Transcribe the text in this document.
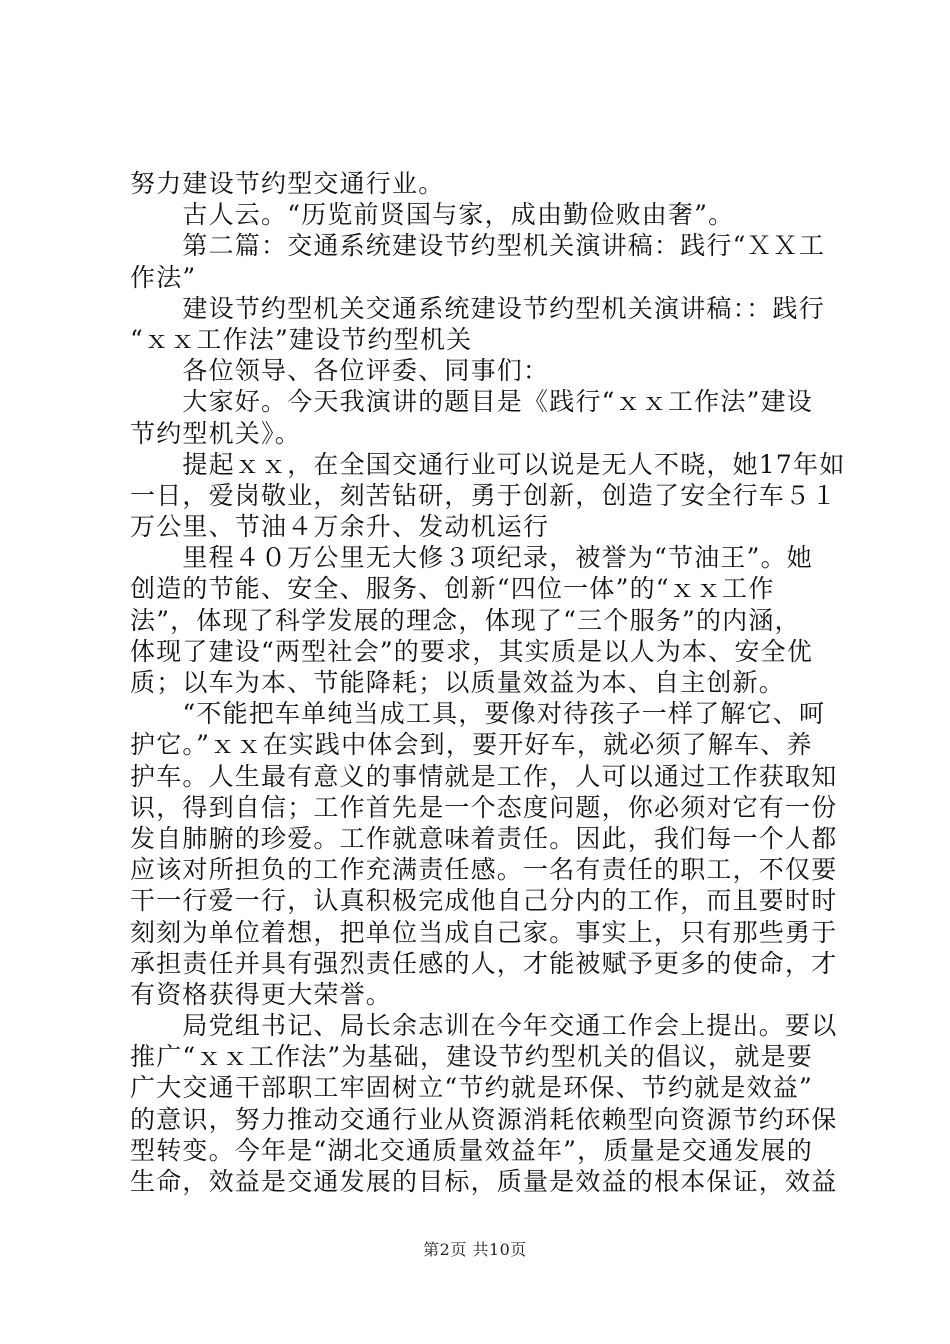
努力建设节约型交通行业。
　　古人云。“历览前贤国与家，成由勤俭败由奢”。
　　第二篇：交通系统建设节约型机关演讲稿：践行“ＸＸ工
作法”
　　建设节约型机关交通系统建设节约型机关演讲稿：：践行
“ｘｘ工作法”建设节约型机关
　　各位领导、各位评委、同事们：
　　大家好。今天我演讲的题目是《践行“ｘｘ工作法”建设
节约型机关》。
　　提起ｘｘ，在全国交通行业可以说是无人不晓，她17年如
一日，爱岗敬业，刻苦钻研，勇于创新，创造了安全行车５１
万公里、节油４万余升、发动机运行
　　里程４０万公里无大修３项纪录，被誉为“节油王”。她
创造的节能、安全、服务、创新“四位一体”的“ｘｘ工作
法”，体现了科学发展的理念，体现了“三个服务”的内涵，
体现了建设“两型社会”的要求，其实质是以人为本、安全优
质；以车为本、节能降耗；以质量效益为本、自主创新。
　　“不能把车单纯当成工具，要像对待孩子一样了解它、呵
护它。”ｘｘ在实践中体会到，要开好车，就必须了解车、养
护车。人生最有意义的事情就是工作，人可以通过工作获取知
识，得到自信；工作首先是一个态度问题，你必须对它有一份
发自肺腑的珍爱。工作就意味着责任。因此，我们每一个人都
应该对所担负的工作充满责任感。一名有责任的职工，不仅要
干一行爱一行，认真积极完成他自己分内的工作，而且要时时
刻刻为单位着想，把单位当成自己家。事实上，只有那些勇于
承担责任并具有强烈责任感的人，才能被赋予更多的使命，才
有资格获得更大荣誉。
　　局党组书记、局长余志训在今年交通工作会上提出。要以
推广“ｘｘ工作法”为基础，建设节约型机关的倡议，就是要
广大交通干部职工牢固树立“节约就是环保、节约就是效益”
的意识，努力推动交通行业从资源消耗依赖型向资源节约环保
型转变。今年是“湖北交通质量效益年”，质量是交通发展的
生命，效益是交通发展的目标，质量是效益的根本保证，效益
第2页 共10页
